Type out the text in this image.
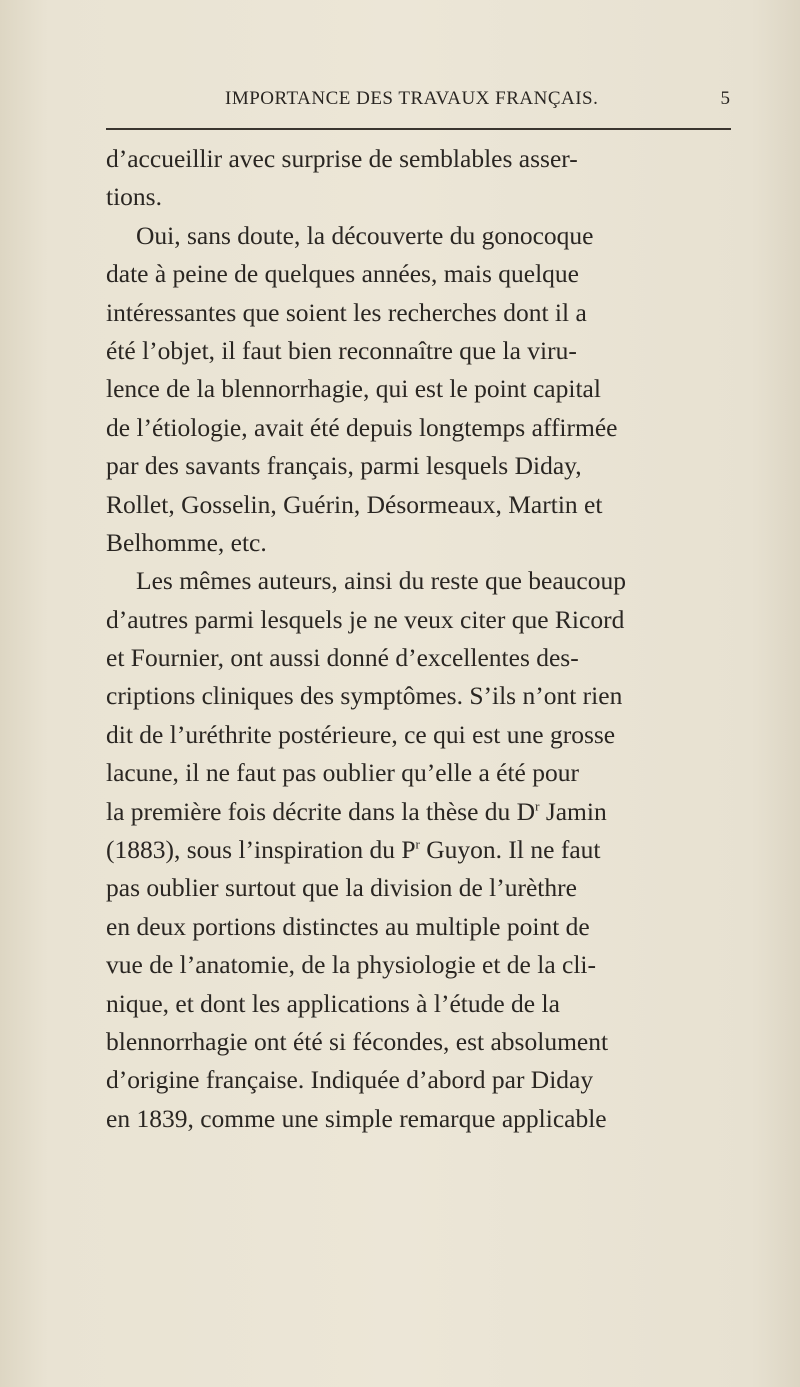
IMPORTANCE DES TRAVAUX FRANÇAIS.	5
d’accueillir avec surprise de semblables asser-
tions.
Oui, sans doute, la découverte du gonocoque
date à peine de quelques années, mais quelque
intéressantes que soient les recherches dont il a
été l’objet, il faut bien reconnaître que la viru-
lence de la blennorrhagie, qui est le point capital
de l’étiologie, avait été depuis longtemps affirmée
par des savants français, parmi lesquels Diday,
Rollet, Gosselin, Guérin, Désormeaux, Martin et
Belhomme, etc.
Les mêmes auteurs, ainsi du reste que beaucoup
d’autres parmi lesquels je ne veux citer que Ricord
et Fournier, ont aussi donné d’excellentes des-
criptions cliniques des symptômes. S’ils n’ont rien
dit de l’uréthrite postérieure, ce qui est une grosse
lacune, il ne faut pas oublier qu’elle a été pour
la première fois décrite dans la thèse du $D^r$ Jamin
(1883), sous l’inspiration du $P^r$ Guyon. Il ne faut
pas oublier surtout que la division de l’urèthre
en deux portions distinctes au multiple point de
vue de l’anatomie, de la physiologie et de la cli-
nique, et dont les applications à l’étude de la
blennorrhagie ont été si fécondes, est absolument
d’origine française. Indiquée d’abord par Diday
en 1839, comme une simple remarque applicable
